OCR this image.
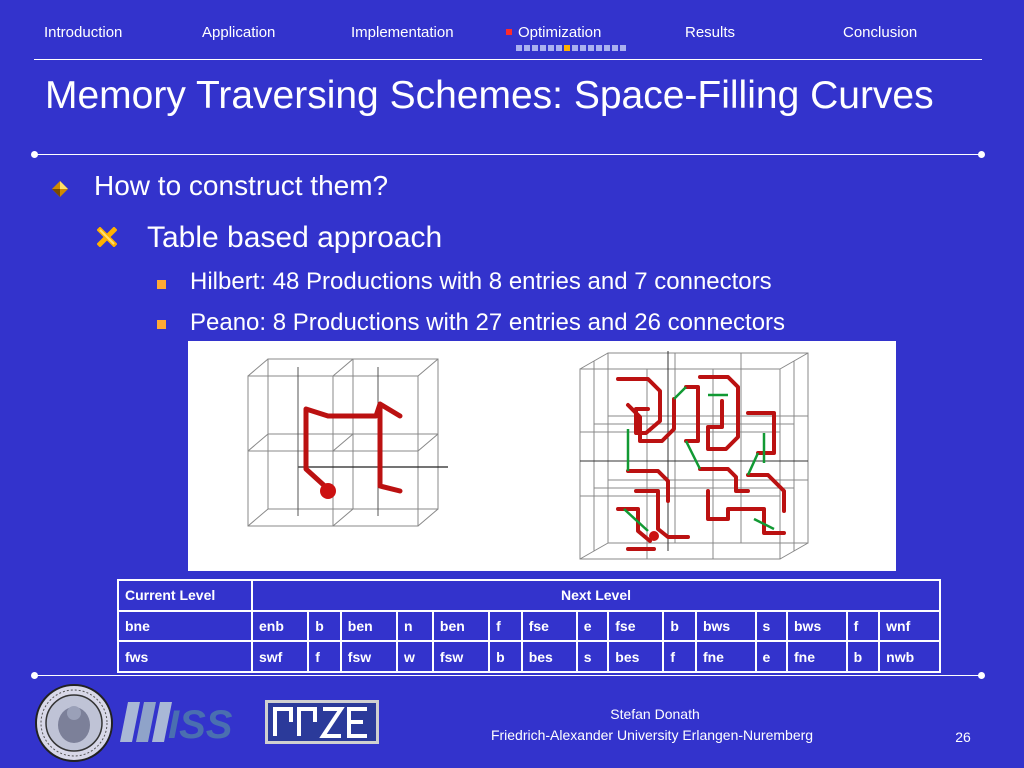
Introduction	Application	Implementation	Optimization	Results	Conclusion
Memory Traversing Schemes: Space-Filling Curves
How to construct them?
Table based approach
Hilbert: 48 Productions with 8 entries and 7 connectors
Peano: 8 Productions with 27 entries and 26 connectors
Current Level	Next Level														
bne	enb	b	ben	n	ben	f	fse	e	fse	b	bws	s	bws	f	wnf
fws	swf	f	fsw	w	fsw	b	bes	s	bes	f	fne	e	fne	b	nwb
ISS	Stefan Donath
Friedrich-Alexander University Erlangen-Nuremberg	26
